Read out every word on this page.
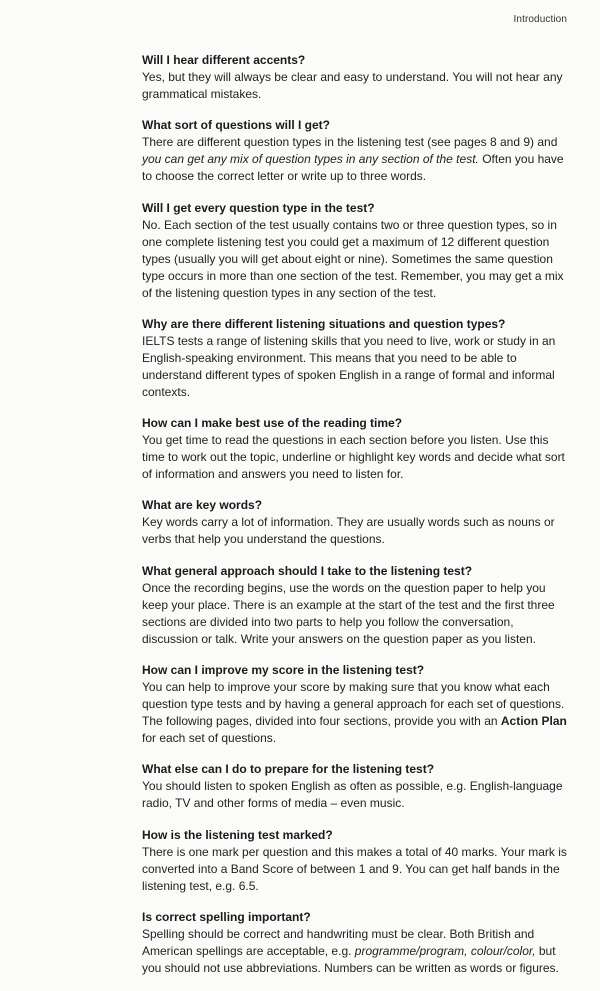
Introduction

Will I hear different accents?

Yes, but they will always be clear and easy to understand. You will not hear any grammatical mistakes.

What sort of questions will I get?

There are different question types in the listening test (see pages 8 and 9) and you can get any mix of question types in any section of the test. Often you have to choose the correct letter or write up to three words.

Will I get every question type in the test?

No. Each section of the test usually contains two or three question types, so in one complete listening test you could get a maximum of 12 different question types (usually you will get about eight or nine). Sometimes the same question type occurs in more than one section of the test. Remember, you may get a mix of the listening question types in any section of the test.

Why are there different listening situations and question types?

IELTS tests a range of listening skills that you need to live, work or study in an English-speaking environment. This means that you need to be able to understand different types of spoken English in a range of formal and informal contexts.

How can I make best use of the reading time?

You get time to read the questions in each section before you listen. Use this time to work out the topic, underline or highlight key words and decide what sort of information and answers you need to listen for.

What are key words?

Key words carry a lot of information. They are usually words such as nouns or verbs that help you understand the questions.

What general approach should I take to the listening test?

Once the recording begins, use the words on the question paper to help you keep your place. There is an example at the start of the test and the first three sections are divided into two parts to help you follow the conversation, discussion or talk. Write your answers on the question paper as you listen.

How can I improve my score in the listening test?

You can help to improve your score by making sure that you know what each question type tests and by having a general approach for each set of questions. The following pages, divided into four sections, provide you with an Action Plan for each set of questions.

What else can I do to prepare for the listening test?

You should listen to spoken English as often as possible, e.g. English-language radio, TV and other forms of media – even music.

How is the listening test marked?

There is one mark per question and this makes a total of 40 marks. Your mark is converted into a Band Score of between 1 and 9. You can get half bands in the listening test, e.g. 6.5.

Is correct spelling important?

Spelling should be correct and handwriting must be clear. Both British and American spellings are acceptable, e.g. programme/program, colour/color, but you should not use abbreviations. Numbers can be written as words or figures.
